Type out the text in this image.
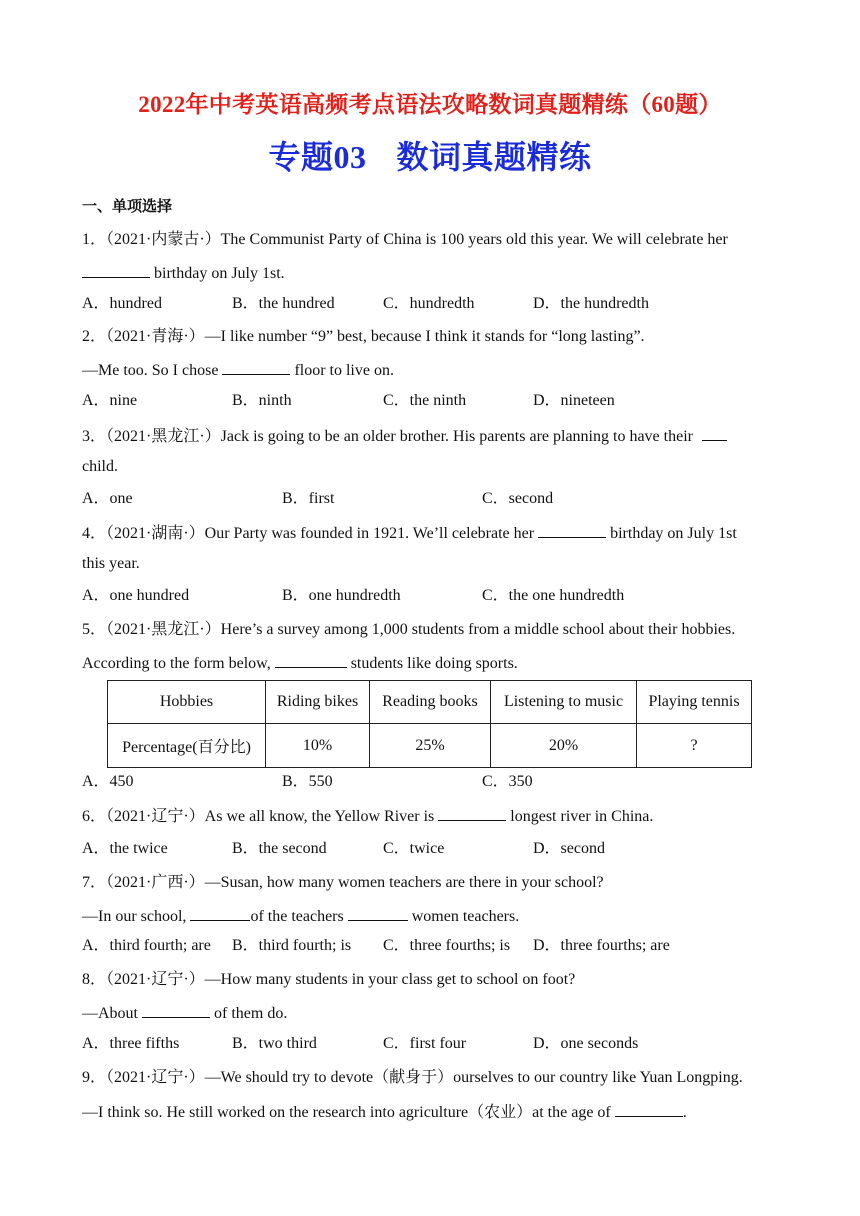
2022年中考英语高频考点语法攻略数词真题精练（60题）
专题03 数词真题精练
一、单项选择
1．（2021·内蒙古·）The Communist Party of China is 100 years old this year. We will celebrate her
birthday on July 1st.
A．hundred	B．the hundred	C．hundredth	D．the hundredth
2．（2021·青海·）—I like number “9” best, because I think it stands for “long lasting”.
—Me too. So I chose	floor to live on.
A．nine	B．ninth	C．the ninth	D．nineteen
3．（2021·黑龙江·）Jack is going to be an older brother. His parents are planning to have their
child.
A．one	B．first	C．second
4．（2021·湖南·）Our Party was founded in 1921. We’ll celebrate her	birthday on July 1st
this year.
A．one hundred	B．one hundredth	C．the one hundredth
5．（2021·黑龙江·）Here’s a survey among 1,000 students from a middle school about their hobbies.
According to the form below,	students like doing sports.
Hobbies	Riding bikes	Reading books	Listening to music	Playing tennis
Percentage(百分比)	10%	25%	20%	?
A．450	B．550	C．350
6．（2021·辽宁·）As we all know, the Yellow River is	longest river in China.
A．the twice	B．the second	C．twice	D．second
7．（2021·广西·）—Susan, how many women teachers are there in your school?
—In our school,	of the teachers	women teachers.
A．third fourth; are B．third fourth; is C．three fourths; is D．three fourths; are
8．（2021·辽宁·）—How many students in your class get to school on foot?
—About	of them do.
A．three fifths	B．two third	C．first four	D．one seconds
9．（2021·辽宁·）—We should try to devote（献身于）ourselves to our country like Yuan Longping.
—I think so. He still worked on the research into agriculture（农业）at the age of	.
